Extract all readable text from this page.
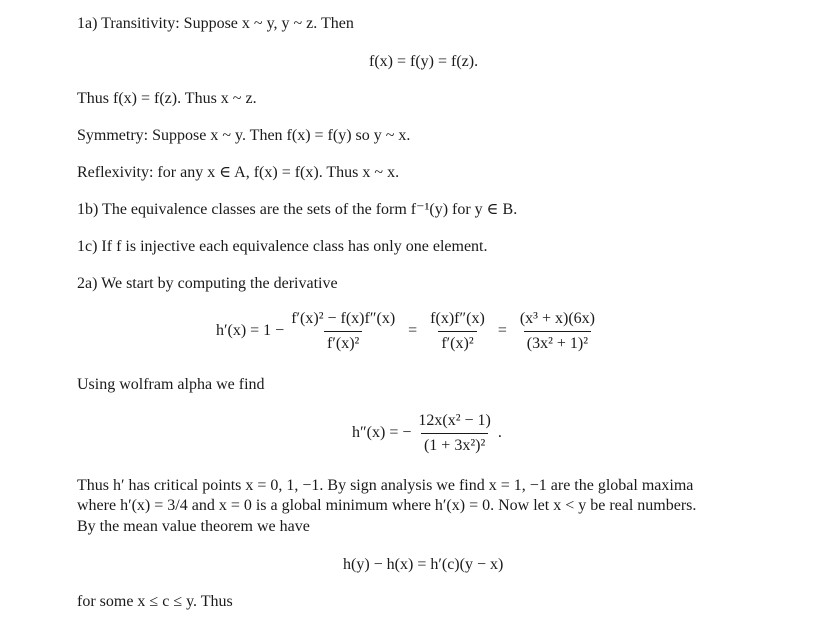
1a) Transitivity: Suppose x ~ y, y ~ z. Then
f(x) = f(y) = f(z).
Thus f(x) = f(z). Thus x ~ z.
Symmetry: Suppose x ~ y. Then f(x) = f(y) so y ~ x.
Reflexivity: for any x ∈ A, f(x) = f(x). Thus x ~ x.
1b) The equivalence classes are the sets of the form f⁻¹(y) for y ∈ B.
1c) If f is injective each equivalence class has only one element.
2a) We start by computing the derivative
$h'(x) = 1 - \frac{\text{f′(x)² − f(x)f″(x)}}{\text{f′(x)²}} = \frac{f(x)f''(x)}{\text{f′(x)²}} = \frac{\text{(x³ + x)(6x)}}{\text{(3x² + 1)²}}$
Using wolfram alpha we find
h″(x) = − $\frac{\text{12x(x² − 1)}}{\text{(1 + 3x²)²}}$ .
Thus h′ has critical points x = 0, 1, −1. By sign analysis we find x = 1, −1 are the global maxima
where h′(x) = 3/4 and x = 0 is a global minimum where h′(x) = 0. Now let x < y be real numbers.
By the mean value theorem we have
h(y) − h(x) = h′(c)(y − x)
for some x ≤ c ≤ y. Thus
